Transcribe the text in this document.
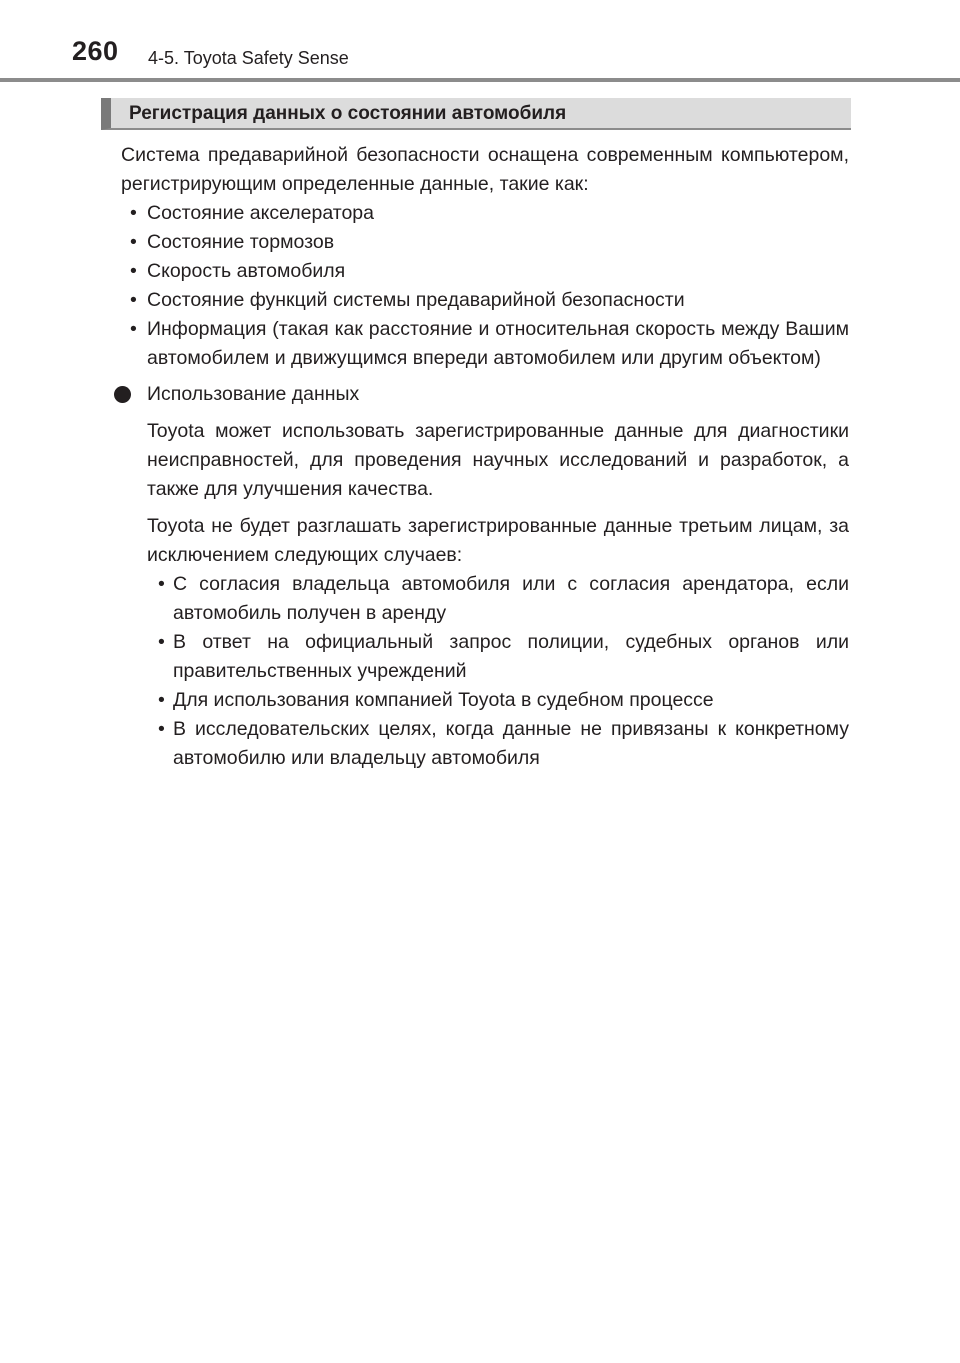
260 4-5. Toyota Safety Sense
Регистрация данных о состоянии автомобиля

Система предаварийной безопасности оснащена современным компьютером, регистрирующим определенные данные, такие как:

• Состояние акселератора
• Состояние тормозов
• Скорость автомобиля
• Состояние функций системы предаварийной безопасности
• Информация (такая как расстояние и относительная скорость между Вашим автомобилем и движущимся впереди автомобилем или другим объектом)
Использование данных

Toyota может использовать зарегистрированные данные для диагностики неисправностей, для проведения научных исследований и разработок, а также для улучшения качества.

Toyota не будет разглашать зарегистрированные данные третьим лицам, за исключением следующих случаев:

• С согласия владельца автомобиля или с согласия арендатора, если автомобиль получен в аренду
• В ответ на официальный запрос полиции, судебных органов или правительственных учреждений
• Для использования компанией Toyota в судебном процессе
• В исследовательских целях, когда данные не привязаны к конкретному автомобилю или владельцу автомобиля
